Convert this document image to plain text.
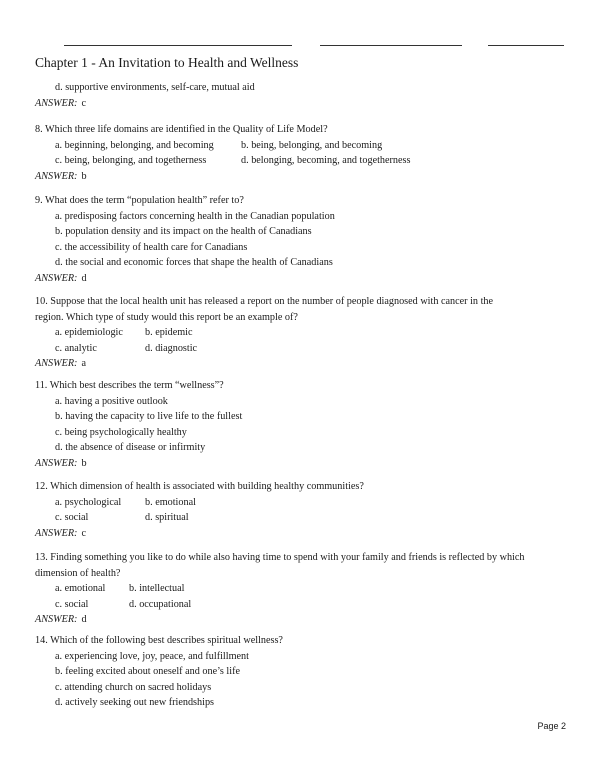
Chapter 1 - An Invitation to Health and Wellness
d. supportive environments, self-care, mutual aid
ANSWER: c

8. Which three life domains are identified in the Quality of Life Model?

a. beginning, belonging, and becoming	b. being, belonging, and becoming
c. being, belonging, and togetherness	d. belonging, becoming, and togetherness
ANSWER: b

9. What does the term “population health” refer to?

a. predisposing factors concerning health in the Canadian population
b. population density and its impact on the health of Canadians
c. the accessibility of health care for Canadians
d. the social and economic forces that shape the health of Canadians
ANSWER: d

10. Suppose that the local health unit has released a report on the number of people diagnosed with cancer in the

region. Which type of study would this report be an example of?

a. epidemiologic	b. epidemic
c. analytic	d. diagnostic
ANSWER: a

11. Which best describes the term “wellness”?

a. having a positive outlook
b. having the capacity to live life to the fullest
c. being psychologically healthy
d. the absence of disease or infirmity
ANSWER: b

12. Which dimension of health is associated with building healthy communities?

a. psychological	b. emotional
c. social	d. spiritual
ANSWER: c

13. Finding something you like to do while also having time to spend with your family and friends is reflected by which

dimension of health?

a. emotional	b. intellectual
c. social	d. occupational
ANSWER: d

14. Which of the following best describes spiritual wellness?

a. experiencing love, joy, peace, and fulfillment
b. feeling excited about oneself and one’s life
c. attending church on sacred holidays
d. actively seeking out new friendships
Page 2
